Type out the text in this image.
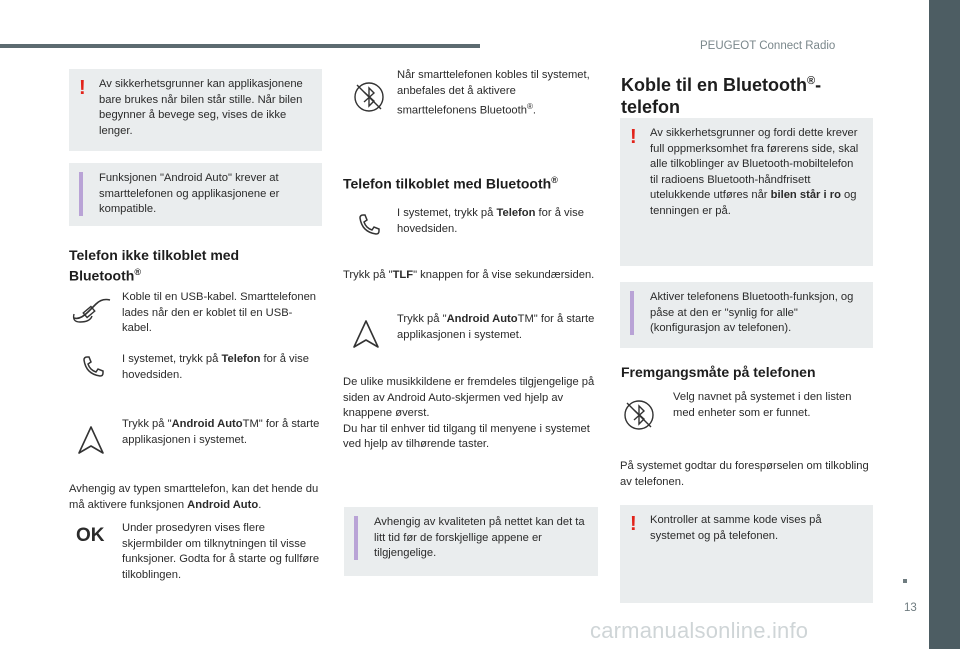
PEUGEOT Connect Radio
! Av sikkerhetsgrunner kan applikasjonene bare brukes når bilen står stille. Når bilen begynner å bevege seg, vises de ikke lenger.
Funksjonen "Android Auto" krever at smarttelefonen og applikasjonene er kompatible.
Telefon ikke tilkoblet med
Bluetooth®
Koble til en USB-kabel. Smarttelefonen lades når den er koblet til en USB-kabel.
I systemet, trykk på Telefon for å vise hovedsiden.
Trykk på "Android AutoTM" for å starte applikasjonen i systemet.
Avhengig av typen smarttelefon, kan det hende du må aktivere funksjonen Android Auto.
OK Under prosedyren vises flere skjermbilder om tilknytningen til visse funksjoner. Godta for å starte og fullføre tilkoblingen.
Når smarttelefonen kobles til systemet, anbefales det å aktivere smarttelefonens Bluetooth®.
Telefon tilkoblet med Bluetooth®
I systemet, trykk på Telefon for å vise hovedsiden.
Trykk på "TLF" knappen for å vise sekundærsiden.
Trykk på "Android AutoTM" for å starte applikasjonen i systemet.
De ulike musikkildene er fremdeles tilgjengelige på siden av Android Auto-skjermen ved hjelp av knappene øverst.
Du har til enhver tid tilgang til menyene i systemet ved hjelp av tilhørende taster.
Avhengig av kvaliteten på nettet kan det ta litt tid før de forskjellige appene er tilgjengelige.
Koble til en Bluetooth®-
telefon
! Av sikkerhetsgrunner og fordi dette krever full oppmerksomhet fra førerens side, skal alle tilkoblinger av Bluetooth-mobiltelefon til radioens Bluetooth-håndfrisett utelukkende utføres når bilen står i ro og tenningen er på.
Aktiver telefonens Bluetooth-funksjon, og påse at den er "synlig for alle" (konfigurasjon av telefonen).
Fremgangsmåte på telefonen
Velg navnet på systemet i den listen med enheter som er funnet.
På systemet godtar du forespørselen om tilkobling av telefonen.
! Kontroller at samme kode vises på systemet og på telefonen.
13
carmanualsonline.info
